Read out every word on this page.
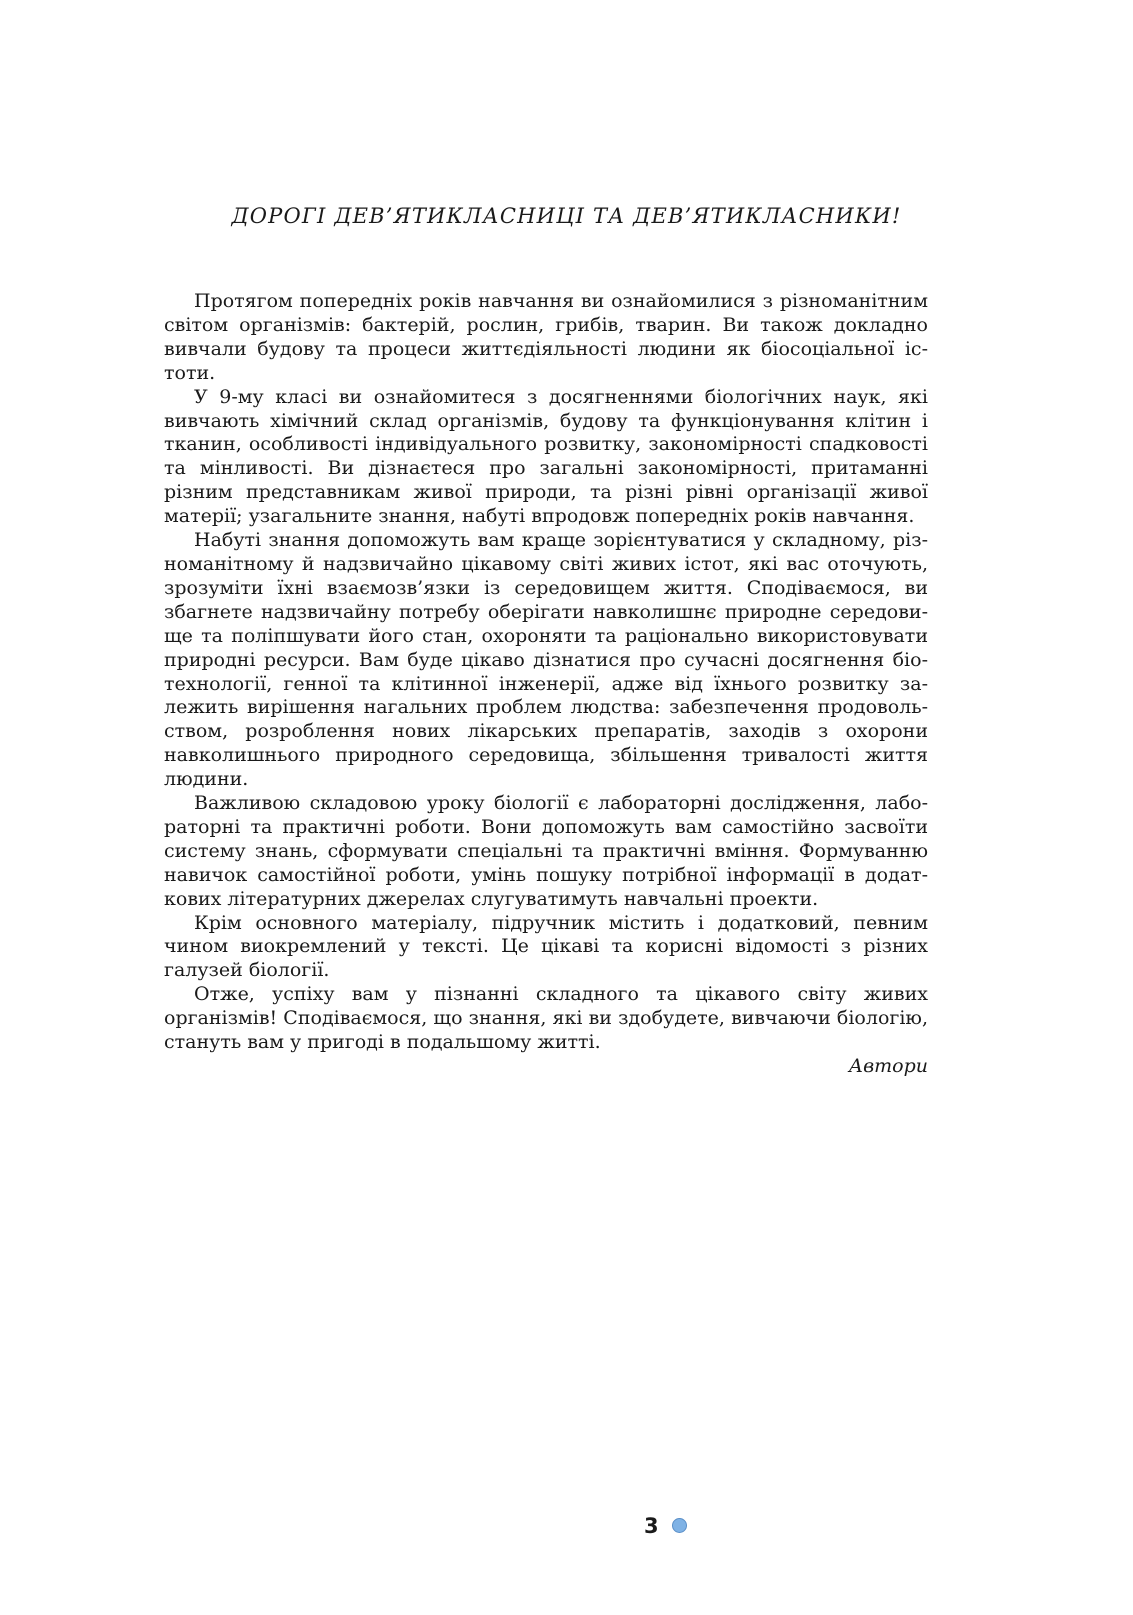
ДОРОГІ ДЕВ’ЯТИКЛАСНИЦІ ТА ДЕВ’ЯТИКЛАСНИКИ!

Протягом попередніх років навчання ви ознайомилися з різноманітним світом організмів: бактерій, рослин, грибів, тварин. Ви також докладно вивчали будову та процеси життєдіяльності людини як біосоціальної істоти.

У 9-му класі ви ознайомитеся з досягненнями біологічних наук, які вивчають хімічний склад організмів, будову та функціонування клітин і тканин, особливості індивідуального розвитку, закономірності спадковості та мінливості. Ви дізнаєтеся про загальні закономірності, притаманні різним представникам живої природи, та різні рівні організації живої матерії; узагальните знання, набуті впродовж попередніх років навчання.

Набуті знання допоможуть вам краще зорієнтуватися у складному, різноманітному й надзвичайно цікавому світі живих істот, які вас оточують, зрозуміти їхні взаємозв’язки із середовищем життя. Сподіваємося, ви збагнете надзвичайну потребу оберігати навколишнє природне середовище та поліпшувати його стан, охороняти та раціонально використовувати природні ресурси. Вам буде цікаво дізнатися про сучасні досягнення біотехнології, генної та клітинної інженерії, адже від їхнього розвитку залежить вирішення нагальних проблем людства: забезпечення продовольством, розроблення нових лікарських препаратів, заходів з охорони навколишнього природного середовища, збільшення тривалості життя людини.

Важливою складовою уроку біології є лабораторні дослідження, лабораторні та практичні роботи. Вони допоможуть вам самостійно засвоїти систему знань, сформувати спеціальні та практичні вміння. Формуванню навичок самостійної роботи, умінь пошуку потрібної інформації в додаткових літературних джерелах слугуватимуть навчальні проекти.

Крім основного матеріалу, підручник містить і додатковий, певним чином виокремлений у тексті. Це цікаві та корисні відомості з різних галузей біології.

Отже, успіху вам у пізнанні складного та цікавого світу живих організмів! Сподіваємося, що знання, які ви здобудете, вивчаючи біологію, стануть вам у пригоді в подальшому житті.

Автори

3
